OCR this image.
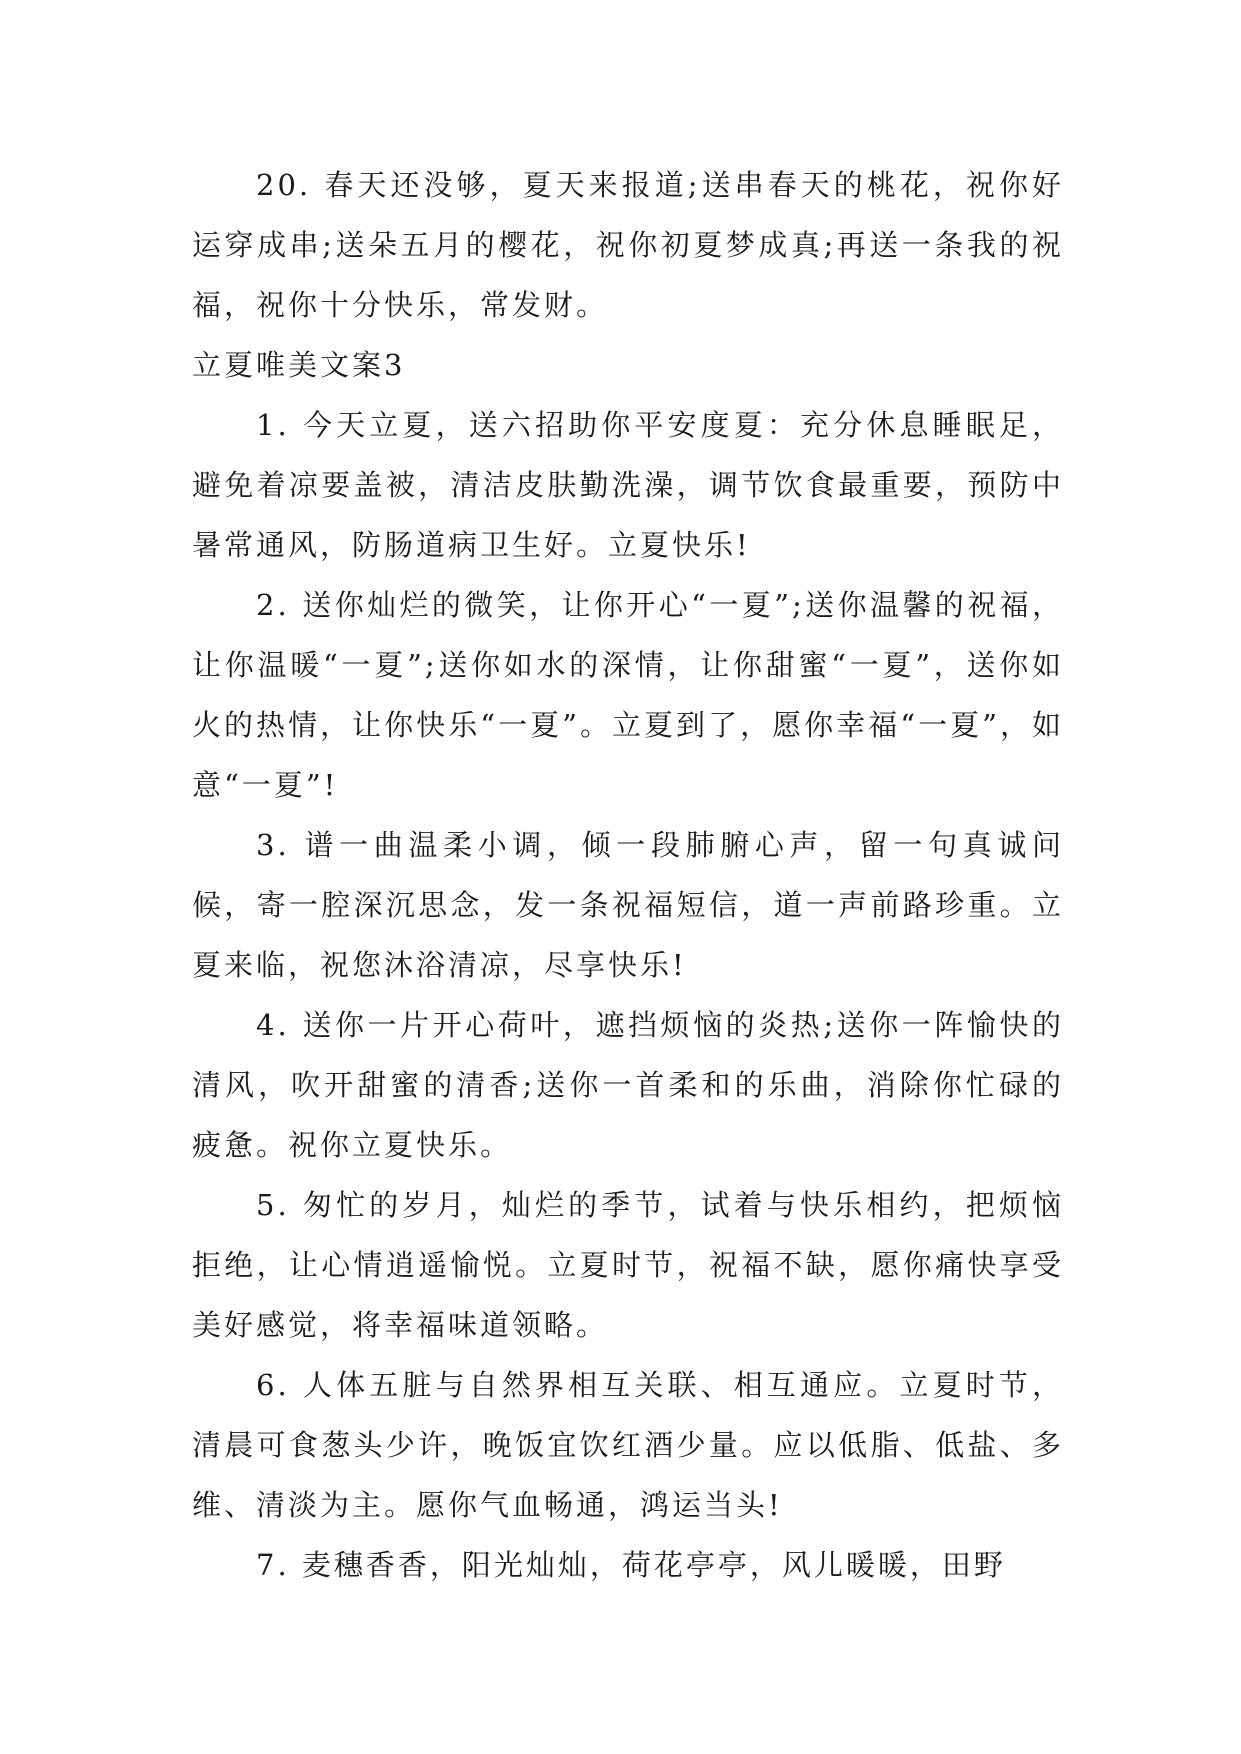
20. 春天还没够，夏天来报道;送串春天的桃花，祝你好运穿成串;送朵五月的樱花，祝你初夏梦成真;再送一条我的祝福，祝你十分快乐，常发财。

立夏唯美文案3

1. 今天立夏，送六招助你平安度夏：充分休息睡眠足，避免着凉要盖被，清洁皮肤勤洗澡，调节饮食最重要，预防中暑常通风，防肠道病卫生好。立夏快乐!

2. 送你灿烂的微笑，让你开心“一夏”;送你温馨的祝福，让你温暖“一夏”;送你如水的深情，让你甜蜜“一夏”，送你如火的热情，让你快乐“一夏”。立夏到了，愿你幸福“一夏”，如意“一夏”!

3. 谱一曲温柔小调，倾一段肺腑心声，留一句真诚问候，寄一腔深沉思念，发一条祝福短信，道一声前路珍重。立夏来临，祝您沐浴清凉，尽享快乐!

4. 送你一片开心荷叶，遮挡烦恼的炎热;送你一阵愉快的清风，吹开甜蜜的清香;送你一首柔和的乐曲，消除你忙碌的疲惫。祝你立夏快乐。

5. 匆忙的岁月，灿烂的季节，试着与快乐相约，把烦恼拒绝，让心情逍遥愉悦。立夏时节，祝福不缺，愿你痛快享受美好感觉，将幸福味道领略。

6. 人体五脏与自然界相互关联、相互通应。立夏时节，清晨可食葱头少许，晚饭宜饮红酒少量。应以低脂、低盐、多维、清淡为主。愿你气血畅通，鸿运当头!

7. 麦穗香香，阳光灿灿，荷花亭亭，风儿暖暖，田野
